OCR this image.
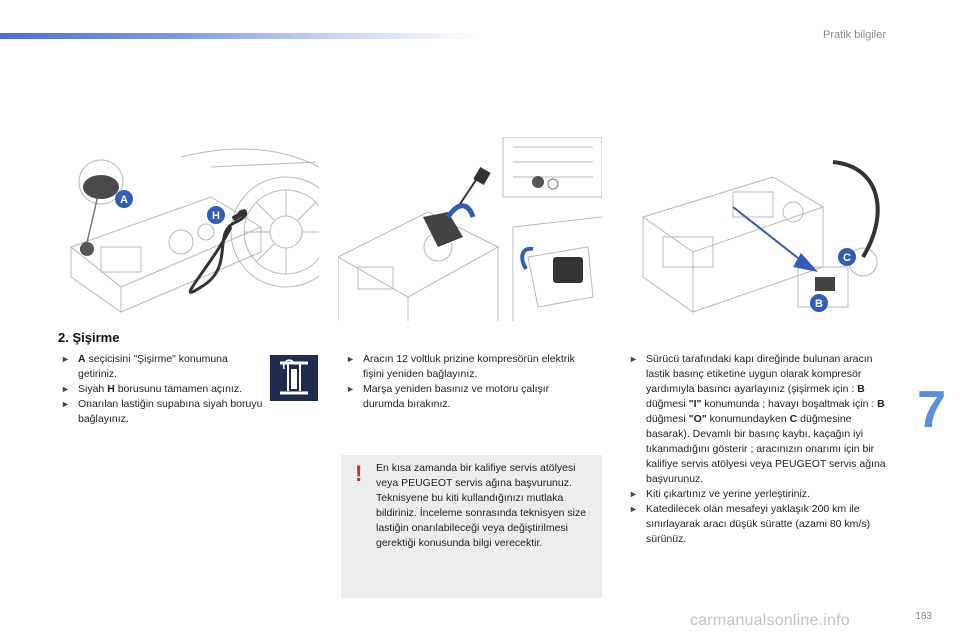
Pratik bilgiler
7
A
H
C
B
2. Şişirme
► A seçicisini "Şişirme" konumuna getiriniz.
► Siyah H borusunu tamamen açınız.
► Onarılan lastiğin supabına siyah boruyu bağlayınız.
► Aracın 12 voltluk prizine kompresörün elektrik fişini yeniden bağlayınız.
► Marşa yeniden basınız ve motoru çalışır durumda bırakınız.
! En kısa zamanda bir kalifiye servis atölyesi veya PEUGEOT servis ağına başvurunuz. Teknisyene bu kiti kullandığınızı mutlaka bildiriniz. İnceleme sonrasında teknisyen size lastiğin onarılabileceği veya değiştirilmesi gerektiği konusunda bilgi verecektir.
► Sürücü tarafındaki kapı direğinde bulunan aracın lastik basınç etiketine uygun olarak kompresör yardımıyla basıncı ayarlayınız (şişirmek için : B düğmesi "I" konumunda ; havayı boşaltmak için : B düğmesi "O" konumundayken C düğmesine basarak). Devamlı bir basınç kaybı, kaçağın iyi tıkanmadığını gösterir ; aracınızın onarımı için bir kalifiye servis atölyesi veya PEUGEOT servis ağına başvurunuz.
► Kiti çıkartınız ve yerine yerleştiriniz.
► Katedilecek olan mesafeyi yaklaşık 200 km ile sınırlayarak aracı düşük süratte (azami 80 km/s) sürünüz.
carmanualsonline.info	183
